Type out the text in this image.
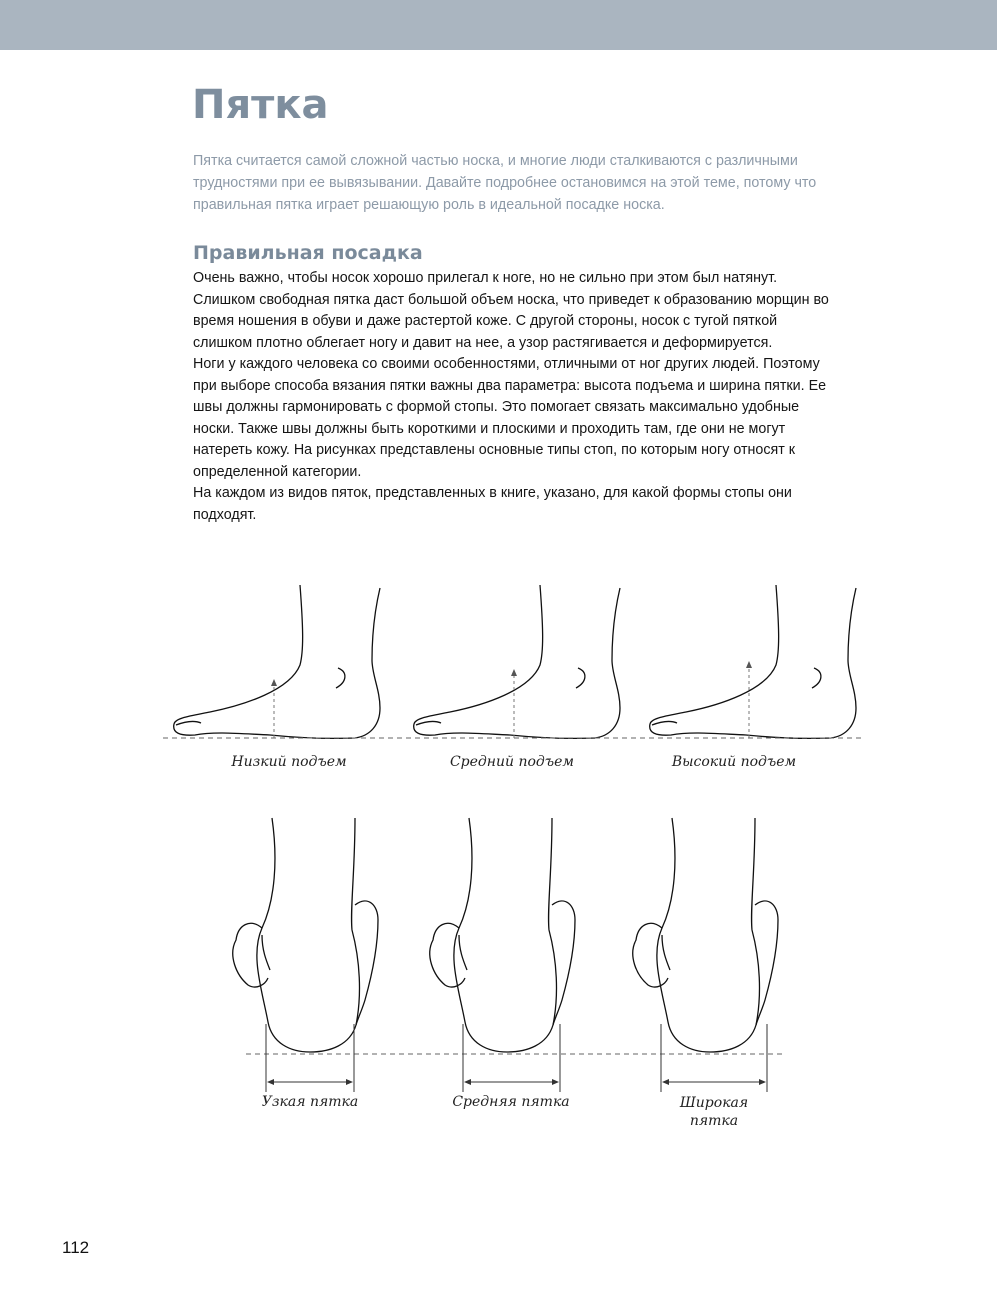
Пятка

Пятка считается самой сложной частью носка, и многие люди сталкиваются с различными трудностями при ее вывязывании. Давайте подробнее остановимся на этой теме, потому что правильная пятка играет решающую роль в идеальной посадке носка.

Правильная посадка

Очень важно, чтобы носок хорошо прилегал к ноге, но не сильно при этом был натянут. Слишком свободная пятка даст большой объем носка, что приведет к образованию морщин во время ношения в обуви и даже растертой коже. С другой стороны, носок с тугой пяткой слишком плотно облегает ногу и давит на нее, а узор растягивается и деформируется.

Ноги у каждого человека со своими особенностями, отличными от ног других людей. Поэтому при выборе способа вязания пятки важны два параметра: высота подъема и ширина пятки. Ее швы должны гармонировать с формой стопы. Это помогает связать максимально удобные носки. Также швы должны быть короткими и плоскими и проходить там, где они не могут натереть кожу. На рисунках представлены основные типы стоп, по которым ногу относят к определенной категории.

На каждом из видов пяток, представленных в книге, указано, для какой формы стопы они подходят.

Низкий подъем	Средний подъем	Высокий подъем
Узкая пятка	Средняя пятка	Широкая пятка
112
